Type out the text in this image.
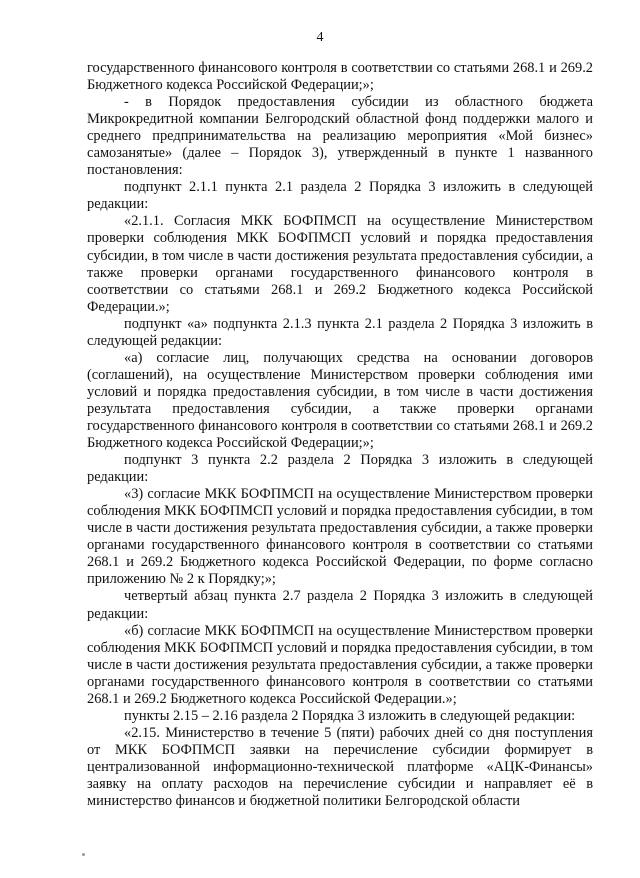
4

государственного финансового контроля в соответствии со статьями 268.1 и 269.2 Бюджетного кодекса Российской Федерации;»;

- в Порядок предоставления субсидии из областного бюджета Микрокредитной компании Белгородский областной фонд поддержки малого и среднего предпринимательства на реализацию мероприятия «Мой бизнес» самозанятые» (далее – Порядок 3), утвержденный в пункте 1 названного постановления:

подпункт 2.1.1 пункта 2.1 раздела 2 Порядка 3 изложить в следующей редакции:

«2.1.1. Согласия МКК БОФПМСП на осуществление Министерством проверки соблюдения МКК БОФПМСП условий и порядка предоставления субсидии, в том числе в части достижения результата предоставления субсидии, а также проверки органами государственного финансового контроля в соответствии со статьями 268.1 и 269.2 Бюджетного кодекса Российской Федерации.»;

подпункт «а» подпункта 2.1.3 пункта 2.1 раздела 2 Порядка 3 изложить в следующей редакции:

«а) согласие лиц, получающих средства на основании договоров (соглашений), на осуществление Министерством проверки соблюдения ими условий и порядка предоставления субсидии, в том числе в части достижения результата предоставления субсидии, а также проверки органами государственного финансового контроля в соответствии со статьями 268.1 и 269.2 Бюджетного кодекса Российской Федерации;»;

подпункт 3 пункта 2.2 раздела 2 Порядка 3 изложить в следующей редакции:

«3) согласие МКК БОФПМСП на осуществление Министерством проверки соблюдения МКК БОФПМСП условий и порядка предоставления субсидии, в том числе в части достижения результата предоставления субсидии, а также проверки органами государственного финансового контроля в соответствии со статьями 268.1 и 269.2 Бюджетного кодекса Российской Федерации, по форме согласно приложению № 2 к Порядку;»;

четвертый абзац пункта 2.7 раздела 2 Порядка 3 изложить в следующей редакции:

«б) согласие МКК БОФПМСП на осуществление Министерством проверки соблюдения МКК БОФПМСП условий и порядка предоставления субсидии, в том числе в части достижения результата предоставления субсидии, а также проверки органами государственного финансового контроля в соответствии со статьями 268.1 и 269.2 Бюджетного кодекса Российской Федерации.»;

пункты 2.15 – 2.16 раздела 2 Порядка 3 изложить в следующей редакции:

«2.15. Министерство в течение 5 (пяти) рабочих дней со дня поступления от МКК БОФПМСП заявки на перечисление субсидии формирует в централизованной информационно-технической платформе «АЦК-Финансы» заявку на оплату расходов на перечисление субсидии и направляет её в министерство финансов и бюджетной политики Белгородской области
